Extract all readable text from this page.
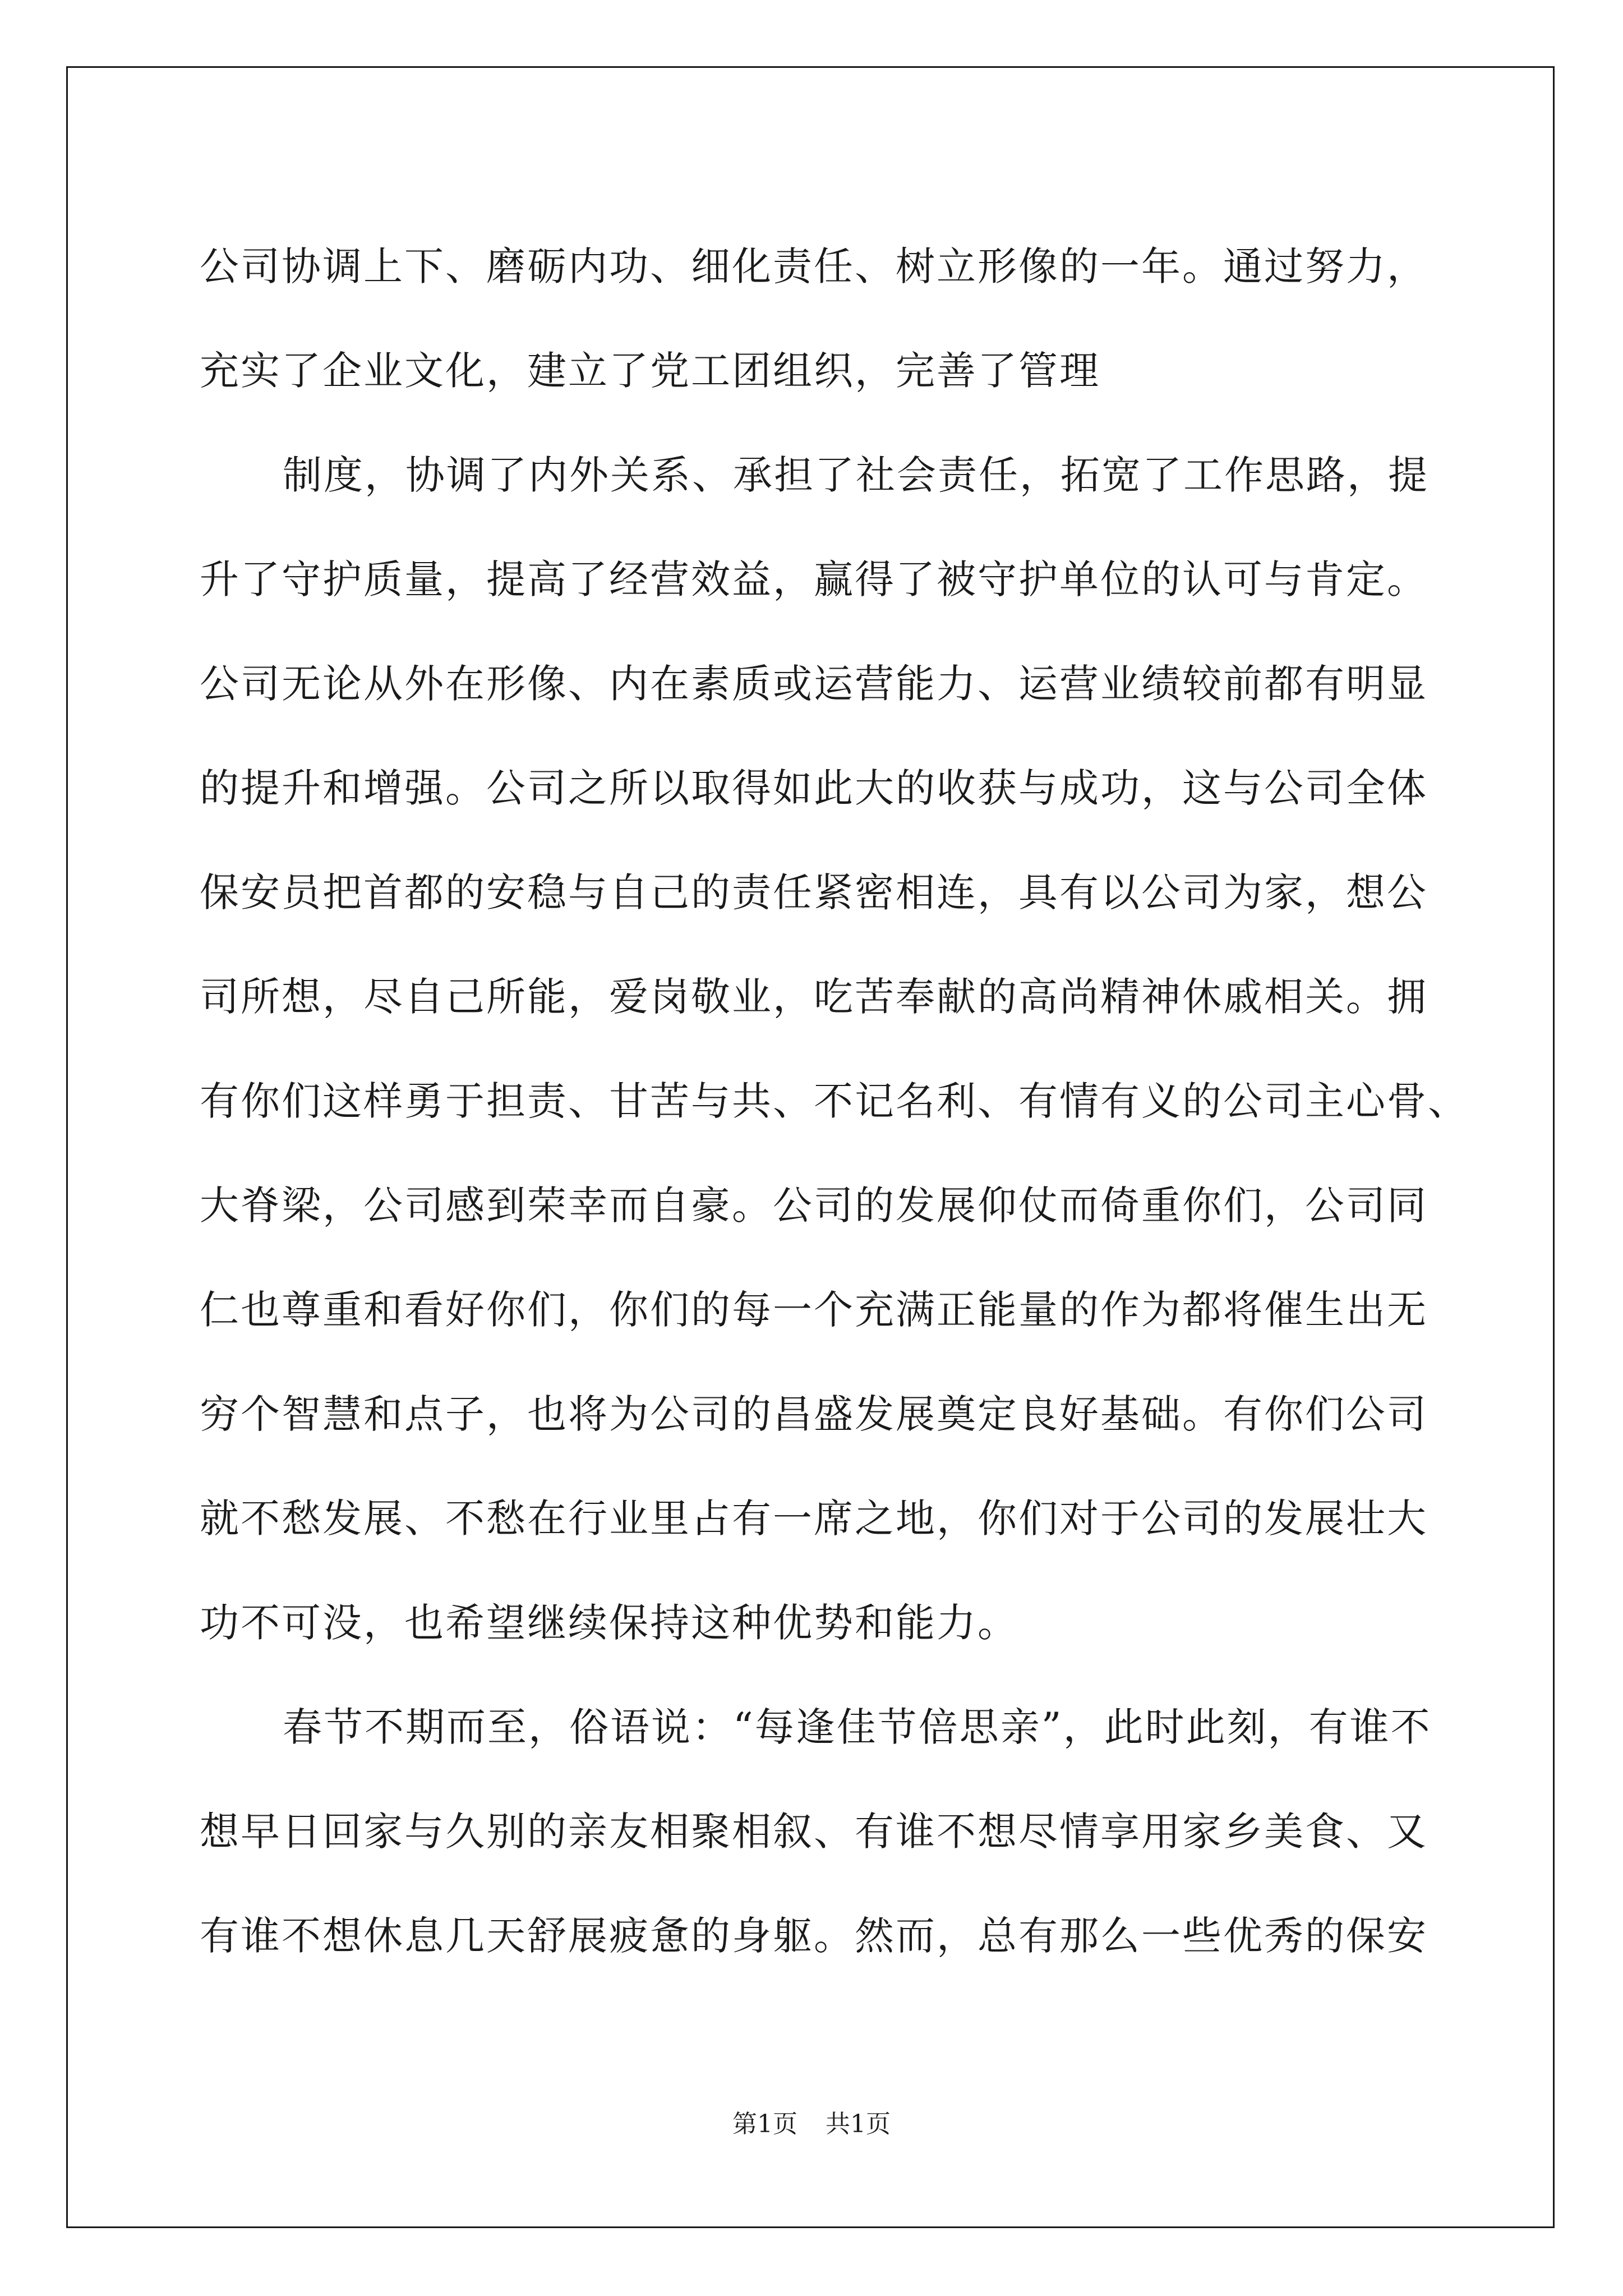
公司协调上下、磨砺内功、细化责任、树立形像的一年。通过努力，
充实了企业文化，建立了党工团组织，完善了管理
制度，协调了内外关系、承担了社会责任，拓宽了工作思路，提
升了守护质量，提高了经营效益，赢得了被守护单位的认可与肯定。
公司无论从外在形像、内在素质或运营能力、运营业绩较前都有明显
的提升和增强。公司之所以取得如此大的收获与成功，这与公司全体
保安员把首都的安稳与自己的责任紧密相连，具有以公司为家，想公
司所想，尽自己所能，爱岗敬业，吃苦奉献的高尚精神休戚相关。拥
有你们这样勇于担责、甘苦与共、不记名利、有情有义的公司主心骨、
大脊梁，公司感到荣幸而自豪。公司的发展仰仗而倚重你们，公司同
仁也尊重和看好你们，你们的每一个充满正能量的作为都将催生出无
穷个智慧和点子，也将为公司的昌盛发展奠定良好基础。有你们公司
就不愁发展、不愁在行业里占有一席之地，你们对于公司的发展壮大
功不可没，也希望继续保持这种优势和能力。
春节不期而至，俗语说：“每逢佳节倍思亲”，此时此刻，有谁不
想早日回家与久别的亲友相聚相叙、有谁不想尽情享用家乡美食、又
有谁不想休息几天舒展疲惫的身躯。然而，总有那么一些优秀的保安
第1页 共1页
